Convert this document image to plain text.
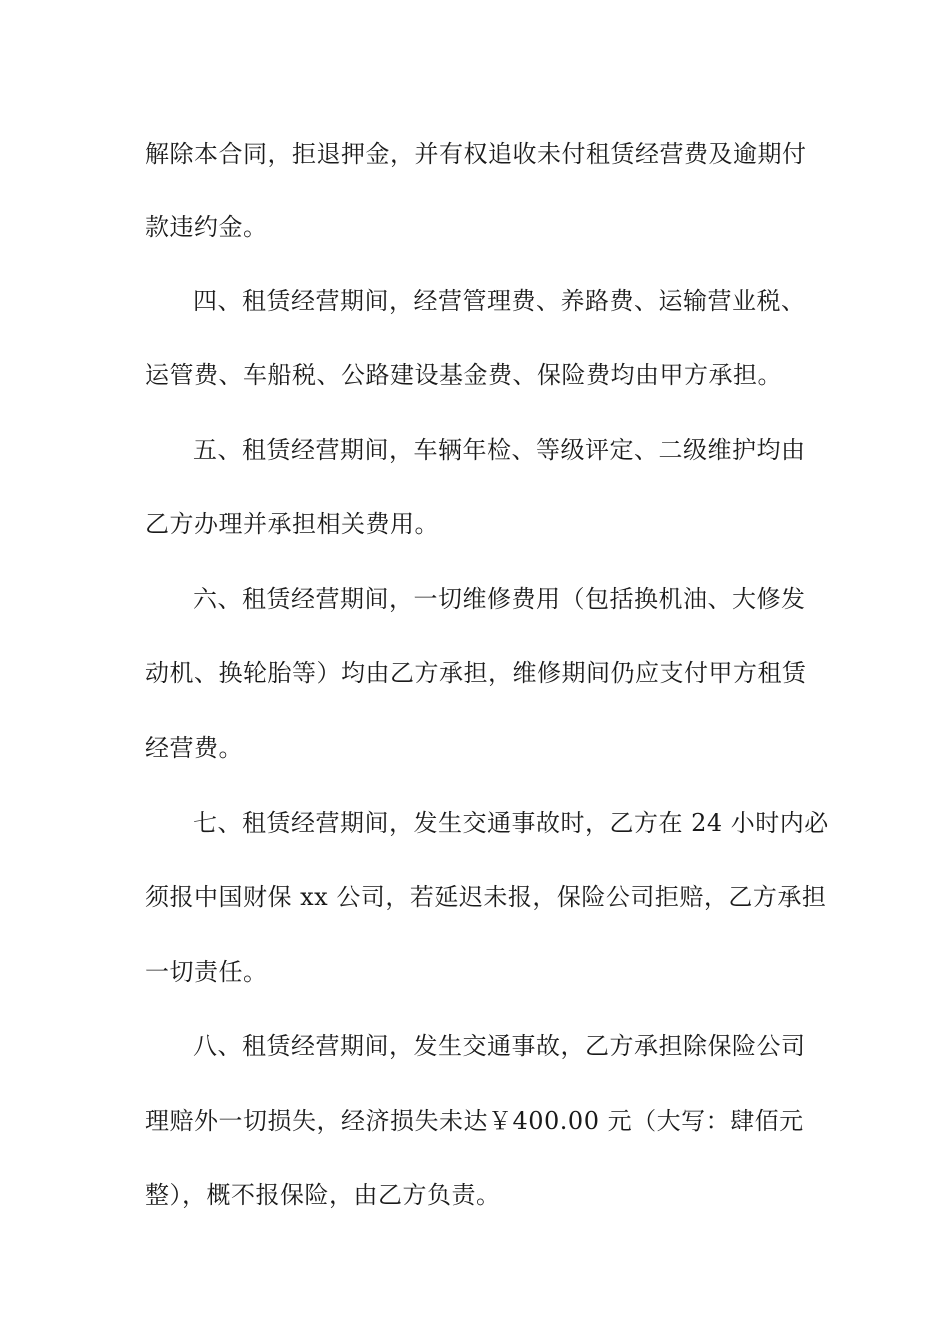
解除本合同，拒退押金，并有权追收未付租赁经营费及逾期付
款违约金。
四、租赁经营期间，经营管理费、养路费、运输营业税、
运管费、车船税、公路建设基金费、保险费均由甲方承担。
五、租赁经营期间，车辆年检、等级评定、二级维护均由
乙方办理并承担相关费用。
六、租赁经营期间，一切维修费用（包括换机油、大修发
动机、换轮胎等）均由乙方承担，维修期间仍应支付甲方租赁
经营费。
七、租赁经营期间，发生交通事故时，乙方在 24 小时内必
须报中国财保 xx 公司，若延迟未报，保险公司拒赔，乙方承担
一切责任。
八、租赁经营期间，发生交通事故，乙方承担除保险公司
理赔外一切损失，经济损失未达￥400.00 元（大写：肆佰元
整），概不报保险，由乙方负责。
